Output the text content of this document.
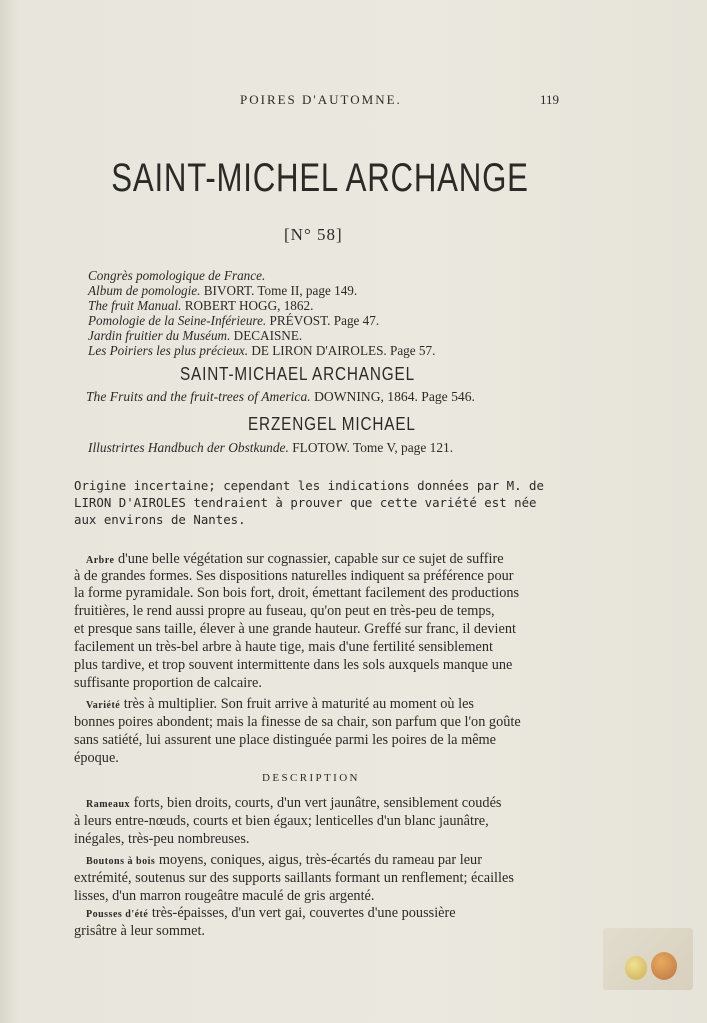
POIRES D'AUTOMNE.	119
SAINT-MICHEL ARCHANGE
[N° 58]
Congrès pomologique de France.
Album de pomologie. BIVORT. Tome II, page 149.
The fruit Manual. ROBERT HOGG, 1862.
Pomologie de la Seine-Inférieure. PRÉVOST. Page 47.
Jardin fruitier du Muséum. DECAISNE.
Les Poiriers les plus précieux. DE LIRON D'AIROLES. Page 57.
SAINT-MICHAEL ARCHANGEL
The Fruits and the fruit-trees of America. DOWNING, 1864. Page 546.
ERZENGEL MICHAEL
Illustrirtes Handbuch der Obstkunde. FLOTOW. Tome V, page 121.
Origine incertaine; cependant les indications données par M. de
LIRON D'AIROLES tendraient à prouver que cette variété est née
aux environs de Nantes.
Arbre d'une belle végétation sur cognassier, capable sur ce sujet de suffire
à de grandes formes. Ses dispositions naturelles indiquent sa préférence pour
la forme pyramidale. Son bois fort, droit, émettant facilement des productions
fruitières, le rend aussi propre au fuseau, qu'on peut en très-peu de temps,
et presque sans taille, élever à une grande hauteur. Greffé sur franc, il devient
facilement un très-bel arbre à haute tige, mais d'une fertilité sensiblement
plus tardive, et trop souvent intermittente dans les sols auxquels manque une
suffisante proportion de calcaire.
Variété très à multiplier. Son fruit arrive à maturité au moment où les
bonnes poires abondent; mais la finesse de sa chair, son parfum que l'on goûte
sans satiété, lui assurent une place distinguée parmi les poires de la même
époque.
DESCRIPTION
Rameaux forts, bien droits, courts, d'un vert jaunâtre, sensiblement coudés
à leurs entre-nœuds, courts et bien égaux; lenticelles d'un blanc jaunâtre,
inégales, très-peu nombreuses.
Boutons à bois moyens, coniques, aigus, très-écartés du rameau par leur
extrémité, soutenus sur des supports saillants formant un renflement; écailles
lisses, d'un marron rougeâtre maculé de gris argenté.
Pousses d'été très-épaisses, d'un vert gai, couvertes d'une poussière
grisâtre à leur sommet.
